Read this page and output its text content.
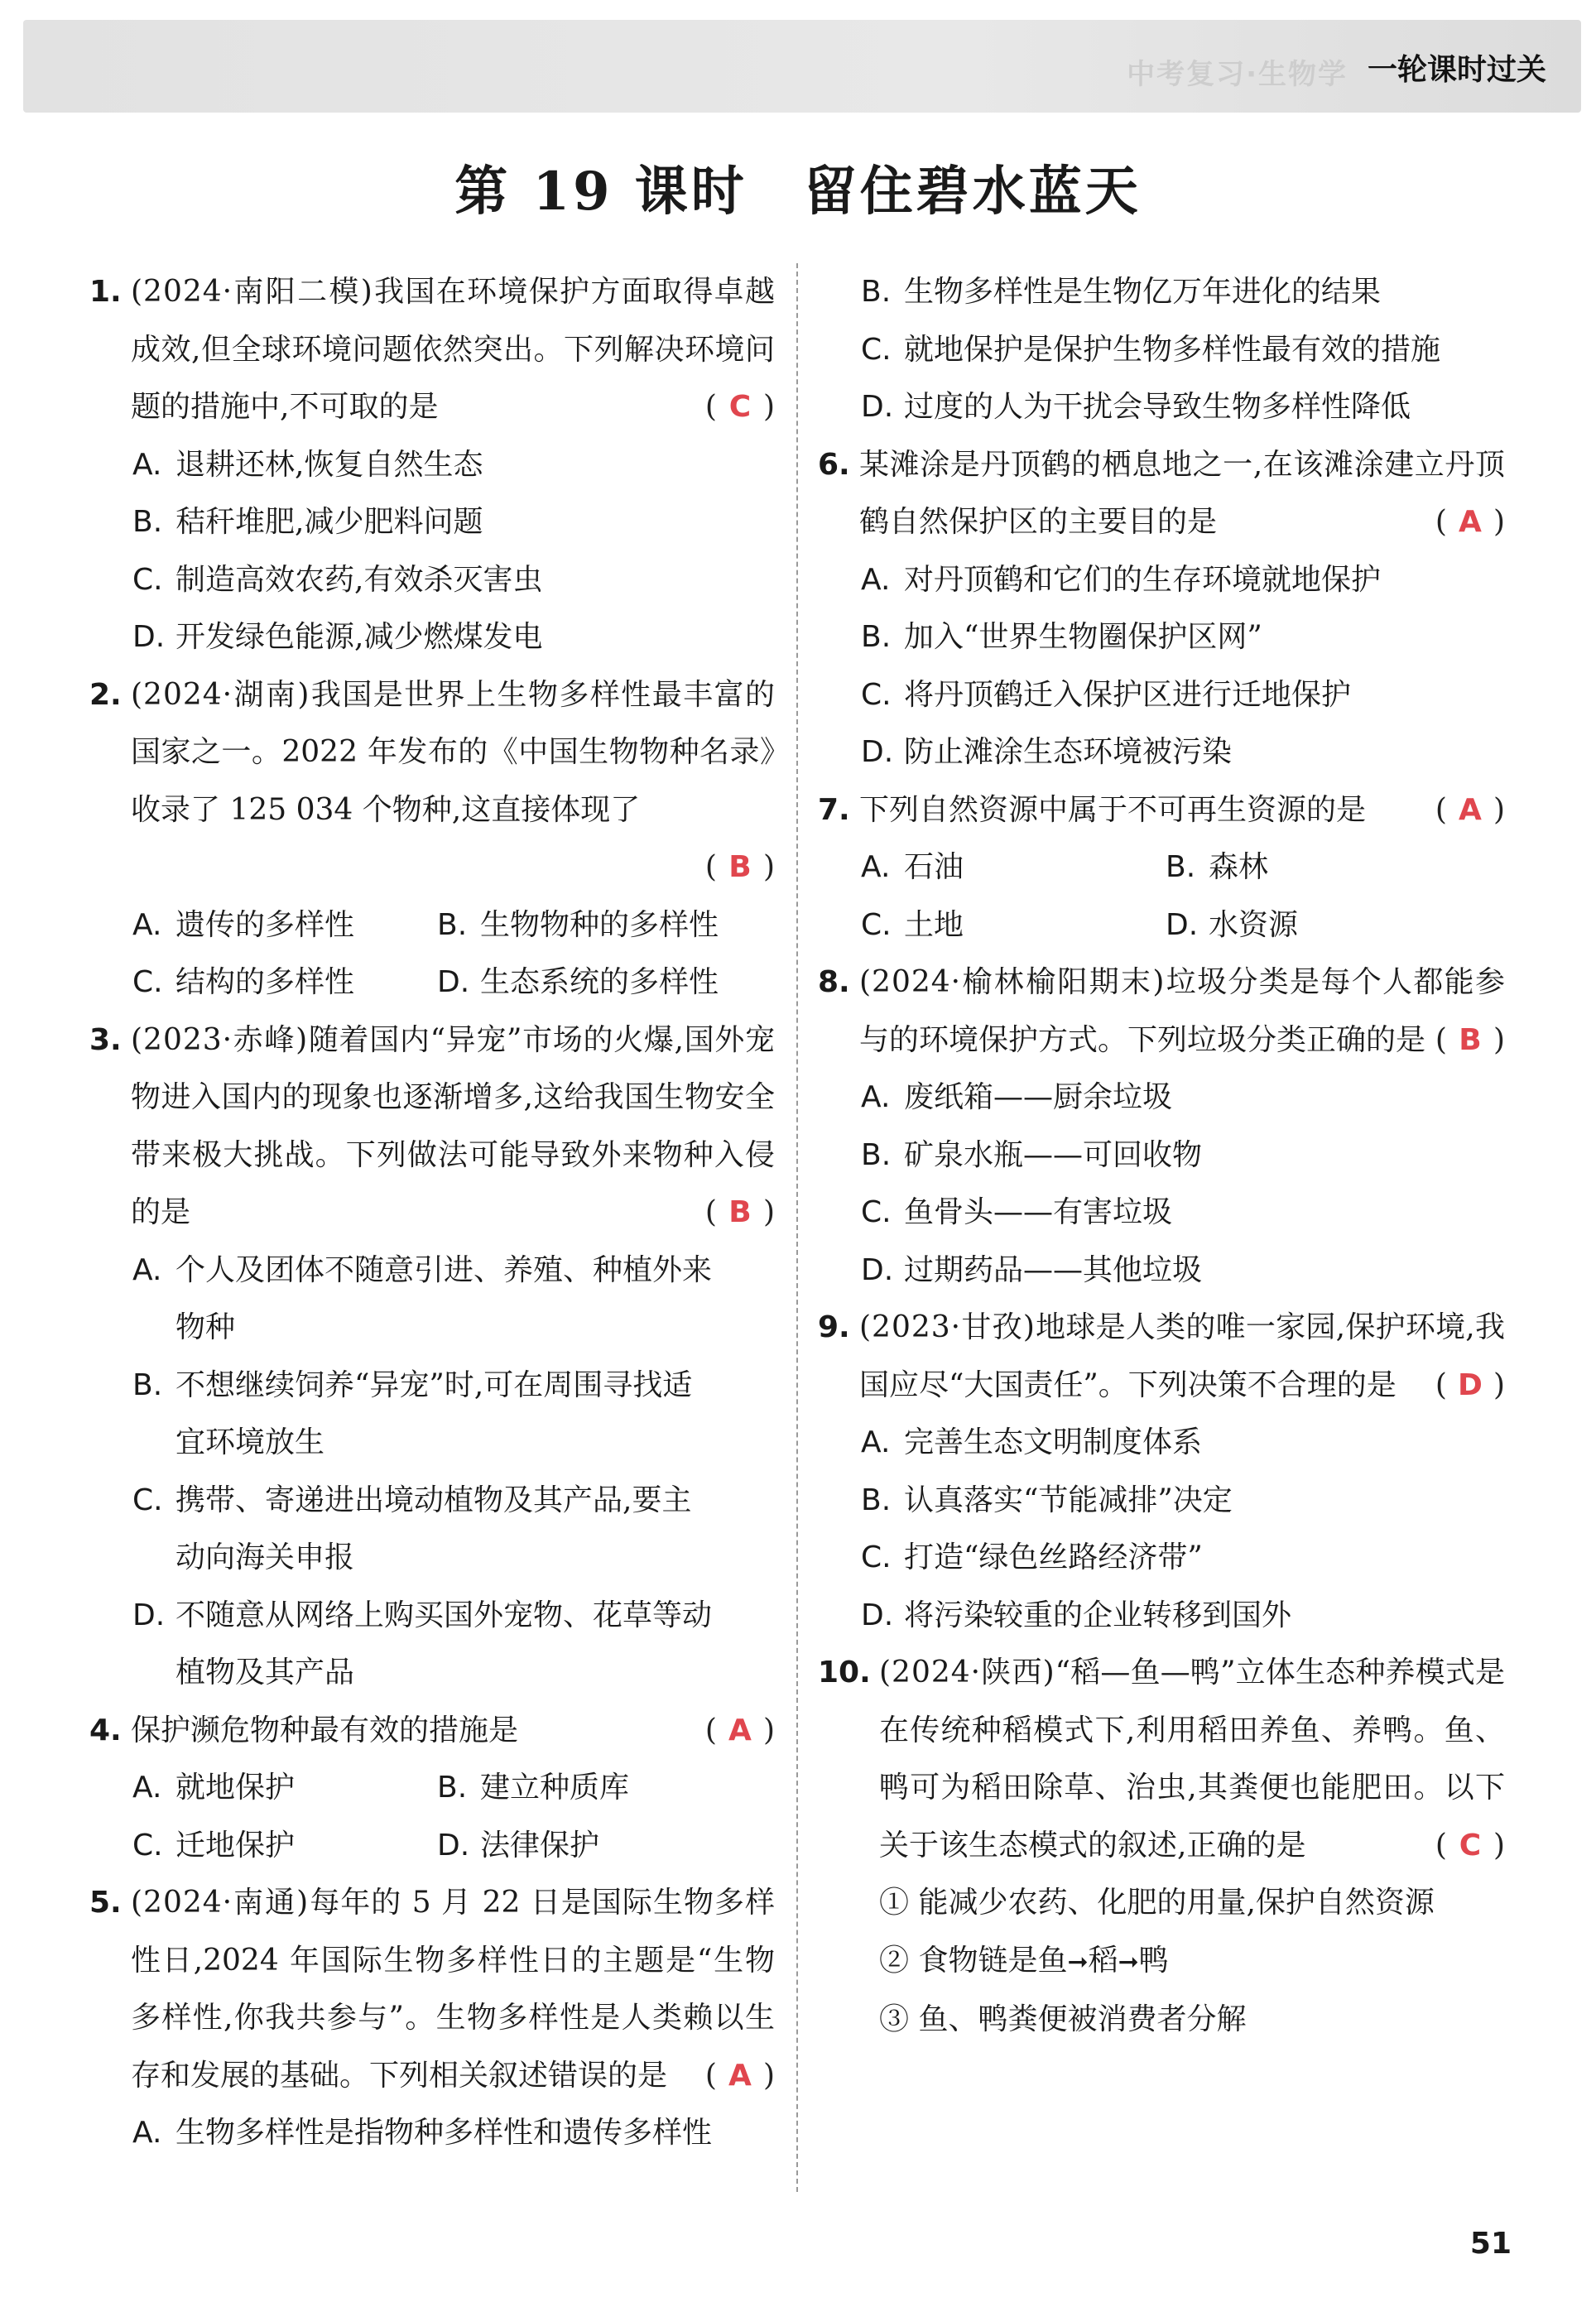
中考复习·生物学 一轮课时过关
第 19 课时　留住碧水蓝天
1. (2024·南阳二模)我国在环境保护方面取得卓越成效,但全球环境问题依然突出。下列解决环境问题的措施中,不可取的是	( C )
A. 退耕还林,恢复自然生态
B. 秸秆堆肥,减少肥料问题
C. 制造高效农药,有效杀灭害虫
D. 开发绿色能源,减少燃煤发电
2. (2024·湖南)我国是世界上生物多样性最丰富的国家之一。2022 年发布的《中国生物物种名录》收录了 125 034 个物种,这直接体现了
( B )
A. 遗传的多样性	B. 生物物种的多样性
C. 结构的多样性	D. 生态系统的多样性
3. (2023·赤峰)随着国内“异宠”市场的火爆,国外宠物进入国内的现象也逐渐增多,这给我国生物安全带来极大挑战。下列做法可能导致外来物种入侵的是	( B )
A. 个人及团体不随意引进、养殖、种植外来
物种
B. 不想继续饲养“异宠”时,可在周围寻找适
宜环境放生
C. 携带、寄递进出境动植物及其产品,要主
动向海关申报
D. 不随意从网络上购买国外宠物、花草等动
植物及其产品
4. 保护濒危物种最有效的措施是	( A )
A. 就地保护	B. 建立种质库
C. 迁地保护	D. 法律保护
5. (2024·南通)每年的 5 月 22 日是国际生物多样性日,2024 年国际生物多样性日的主题是“生物多样性,你我共参与”。生物多样性是人类赖以生存和发展的基础。下列相关叙述错误的是 ( A )
A. 生物多样性是指物种多样性和遗传多样性
B. 生物多样性是生物亿万年进化的结果
C. 就地保护是保护生物多样性最有效的措施
D. 过度的人为干扰会导致生物多样性降低
6. 某滩涂是丹顶鹤的栖息地之一,在该滩涂建立丹顶鹤自然保护区的主要目的是	( A )
A. 对丹顶鹤和它们的生存环境就地保护
B. 加入“世界生物圈保护区网”
C. 将丹顶鹤迁入保护区进行迁地保护
D. 防止滩涂生态环境被污染
7. 下列自然资源中属于不可再生资源的是 ( A )
A. 石油	B. 森林
C. 土地	D. 水资源
8. (2024·榆林榆阳期末)垃圾分类是每个人都能参与的环境保护方式。下列垃圾分类正确的是 ( B )
A. 废纸箱——厨余垃圾
B. 矿泉水瓶——可回收物
C. 鱼骨头——有害垃圾
D. 过期药品——其他垃圾
9. (2023·甘孜)地球是人类的唯一家园,保护环境,我国应尽“大国责任”。下列决策不合理的是 ( D )
A. 完善生态文明制度体系
B. 认真落实“节能减排”决定
C. 打造“绿色丝路经济带”
D. 将污染较重的企业转移到国外
10. (2024·陕西)“稻—鱼—鸭”立体生态种养模式是在传统种稻模式下,利用稻田养鱼、养鸭。鱼、鸭可为稻田除草、治虫,其粪便也能肥田。以下关于该生态模式的叙述,正确的是	( C )
① 能减少农药、化肥的用量,保护自然资源
② 食物链是鱼➞稻➞鸭
③ 鱼、鸭粪便被消费者分解
51
